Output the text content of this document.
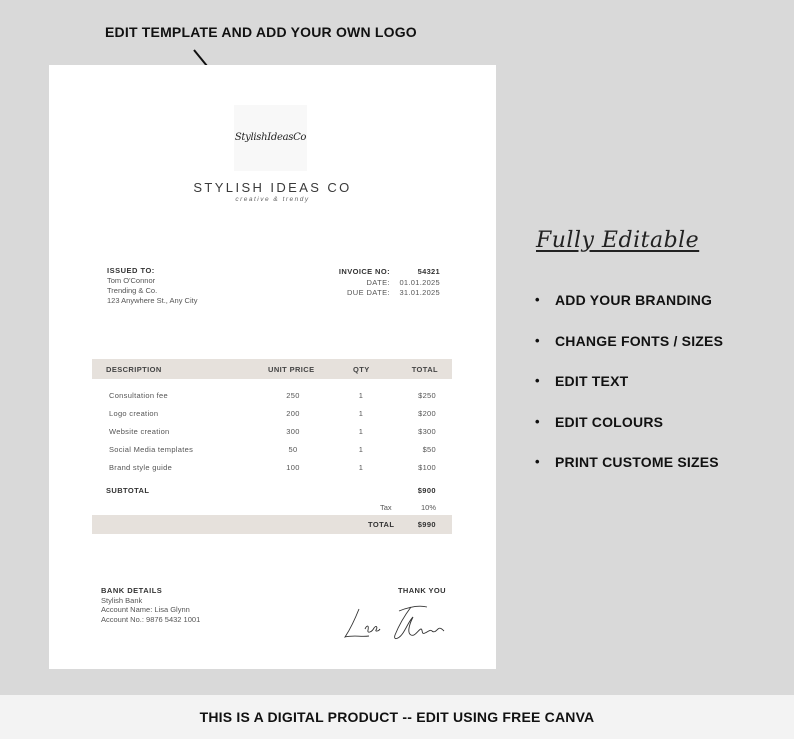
EDIT TEMPLATE AND ADD YOUR OWN LOGO
StylishIdeasCo
STYLISH IDEAS CO
creative & trendy
ISSUED TO:
Tom O'Connor
Trending & Co.
123 Anywhere St., Any City
INVOICE NO:	54321
DATE:	01.01.2025
DUE DATE:	31.01.2025
DESCRIPTION	UNIT PRICE	QTY	TOTAL
Consultation fee	250	1	$250
Logo creation	200	1	$200
Website creation	300	1	$300
Social Media templates	50	1	$50
Brand style guide	100	1	$100
SUBTOTAL	$900
Tax	10%
TOTAL	$990
BANK DETAILS
Stylish Bank
Account Name: Lisa Glynn
Account No.: 9876 5432 1001
THANK YOU
Fully Editable
• ADD YOUR BRANDING
• CHANGE FONTS / SIZES
• EDIT TEXT
• EDIT COLOURS
• PRINT CUSTOME SIZES
THIS IS A DIGITAL PRODUCT -- EDIT USING FREE CANVA
